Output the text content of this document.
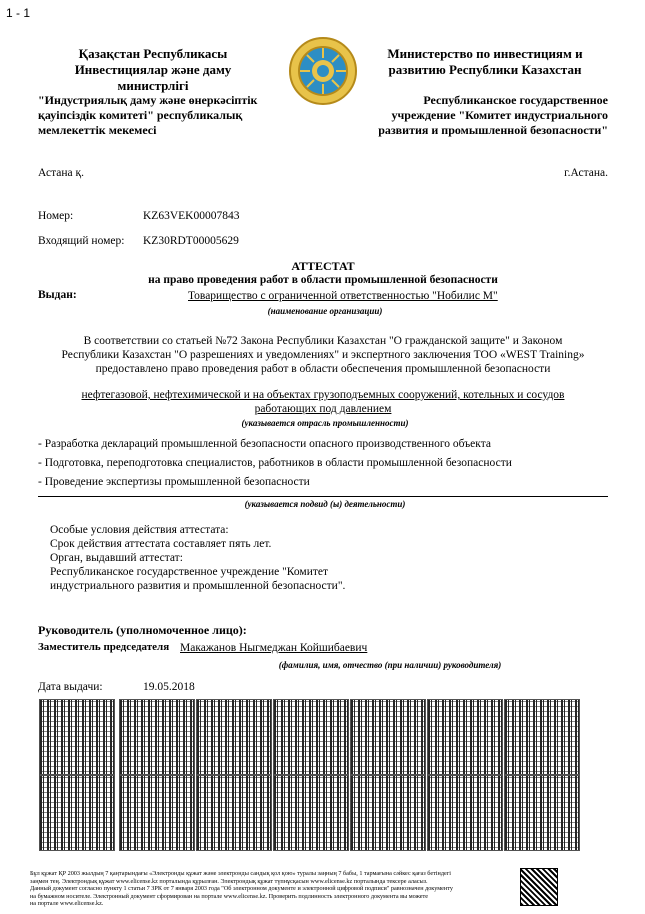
1 - 1
Қазақстан Республикасы
Инвестициялар және даму министрлігі
Министерство по инвестициям и
развитию Республики Казахстан
"Индустриялық даму және өнеркәсіптік
қауіпсіздік комитеті" республикалық
мемлекеттік мекемесі
Республиканское государственное
учреждение "Комитет индустриального
развития и промышленной безопасности"
Астана қ.	г.Астана.
Номер:	KZ63VEK00007843
Входящий номер: KZ30RDT00005629
АТТЕСТАТ
на право проведения работ в области промышленной безопасности
Выдан:	Товарищество с ограниченной ответственностью "Нобилис М"
(наименование организации)
В соответствии со статьей №72 Закона Республики Казахстан "О гражданской защите" и Законом
Республики Казахстан "О разрешениях и уведомлениях" и экспертного заключения ТОО «WEST Training»
предоставлено право проведения работ в области обеспечения промышленной безопасности
нефтегазовой, нефтехимической и на объектах грузоподъемных сооружений, котельных и сосудов
работающих под давлением
(указывается отрасль промышленности)
- Разработка деклараций промышленной безопасности опасного производственного объекта
- Подготовка, переподготовка специалистов, работников в области промышленной безопасности
- Проведение экспертизы промышленной безопасности
(указывается подвид (ы) деятельности)
Особые условия действия аттестата:
Срок действия аттестата составляет пять лет.
Орган, выдавший аттестат:
Республиканское государственное учреждение "Комитет
индустриального развития и промышленной безопасности".
Руководитель (уполномоченное лицо):
Заместитель председателя Макажанов Ныгмеджан Койшибаевич
(фамилия, имя, отчество (при наличии) руководителя)
Дата выдачи:	19.05.2018
Бұл құжат ҚР 2003 жылдың 7 қаңтарындағы «Электронды құжат және электронды сандық қол қою» туралы заңның 7 бабы, 1 тармағына сәйкес қағаз бетіндегі
заңмен тең. Электрондық құжат www.elicense.kz порталында құрылған. Электрондық құжат түпнұсқасын www.elicense.kz порталында тексере аласыз.
Данный документ согласно пункту 1 статьи 7 ЗРК от 7 января 2003 года "Об электронном документе и электронной цифровой подписи" равнозначен документу
на бумажном носителе. Электронный документ сформирован на портале www.elicense.kz. Проверить подлинность электронного документа вы можете
на портале www.elicense.kz.
